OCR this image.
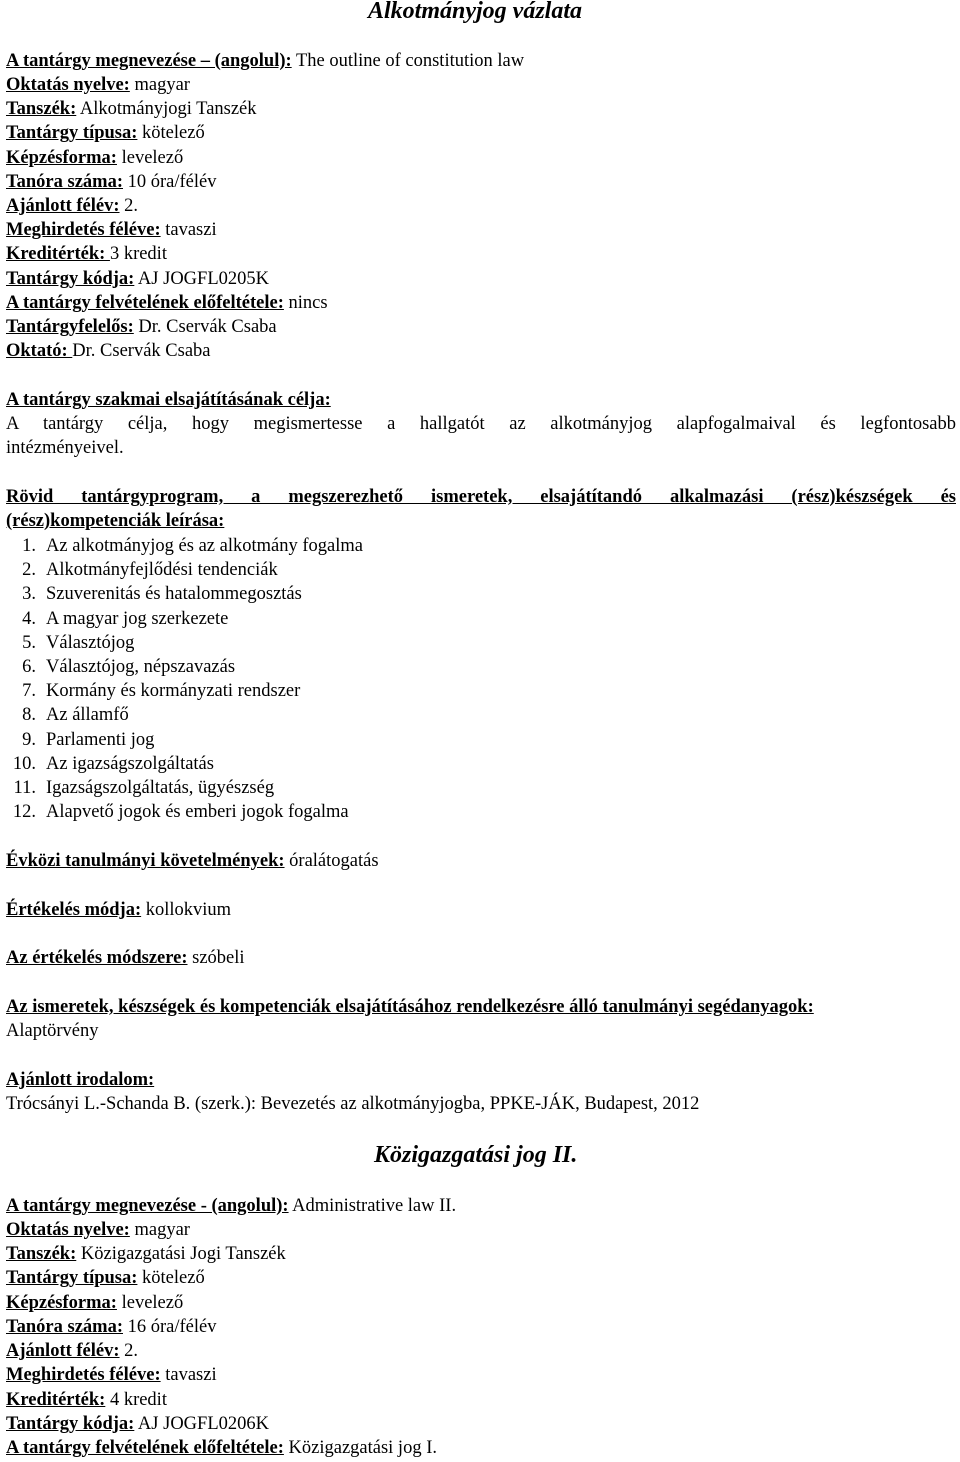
Alkotmányjog vázlata
A tantárgy megnevezése – (angolul): The outline of constitution law
Oktatás nyelve: magyar
Tanszék: Alkotmányjogi Tanszék
Tantárgy típusa: kötelező
Képzésforma: levelező
Tanóra száma: 10 óra/félév
Ajánlott félév: 2.
Meghirdetés féléve: tavaszi
Kreditérték: 3 kredit
Tantárgy kódja: AJ JOGFL0205K
A tantárgy felvételének előfeltétele: nincs
Tantárgyfelelős: Dr. Cservák Csaba
Oktató: Dr. Cservák Csaba
A tantárgy szakmai elsajátításának célja:
A tantárgy célja, hogy megismertesse a hallgatót az alkotmányjog alapfogalmaival és legfontosabb
intézményeivel.
Rövid tantárgyprogram, a megszerezhető ismeretek, elsajátítandó alkalmazási (rész)készségek és
(rész)kompetenciák leírása:
1. Az alkotmányjog és az alkotmány fogalma
2. Alkotmányfejlődési tendenciák
3. Szuverenitás és hatalommegosztás
4. A magyar jog szerkezete
5. Választójog
6. Választójog, népszavazás
7. Kormány és kormányzati rendszer
8. Az államfő
9. Parlamenti jog
10. Az igazságszolgáltatás
11. Igazságszolgáltatás, ügyészség
12. Alapvető jogok és emberi jogok fogalma
Évközi tanulmányi követelmények: óralátogatás
Értékelés módja: kollokvium
Az értékelés módszere: szóbeli
Az ismeretek, készségek és kompetenciák elsajátításához rendelkezésre álló tanulmányi segédanyagok:
Alaptörvény
Ajánlott irodalom:
Trócsányi L.-Schanda B. (szerk.): Bevezetés az alkotmányjogba, PPKE-JÁK, Budapest, 2012
Közigazgatási jog II.
A tantárgy megnevezése - (angolul): Administrative law II.
Oktatás nyelve: magyar
Tanszék: Közigazgatási Jogi Tanszék
Tantárgy típusa: kötelező
Képzésforma: levelező
Tanóra száma: 16 óra/félév
Ajánlott félév: 2.
Meghirdetés féléve: tavaszi
Kreditérték: 4 kredit
Tantárgy kódja: AJ JOGFL0206K
A tantárgy felvételének előfeltétele: Közigazgatási jog I.
